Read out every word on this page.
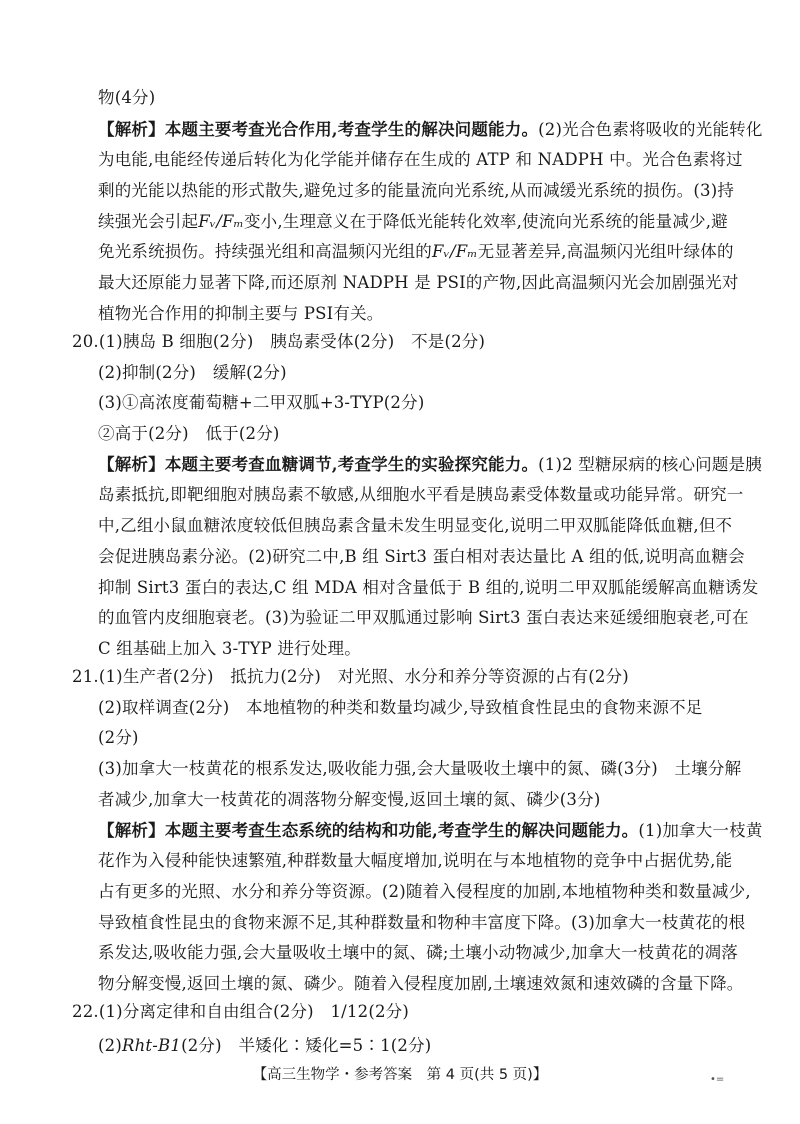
物(4分)
【解析】本题主要考查光合作用,考查学生的解决问题能力。(2)光合色素将吸收的光能转化
为电能,电能经传递后转化为化学能并储存在生成的 ATP 和 NADPH 中。光合色素将过
剩的光能以热能的形式散失,避免过多的能量流向光系统,从而减缓光系统的损伤。(3)持
续强光会引起Fᵥ/Fₘ变小,生理意义在于降低光能转化效率,使流向光系统的能量减少,避
免光系统损伤。持续强光组和高温频闪光组的Fᵥ/Fₘ无显著差异,高温频闪光组叶绿体的
最大还原能力显著下降,而还原剂 NADPH 是 PSⅠ的产物,因此高温频闪光会加剧强光对
植物光合作用的抑制主要与 PSⅠ有关。
20.(1)胰岛 B 细胞(2分)　胰岛素受体(2分)　不是(2分)
(2)抑制(2分)　缓解(2分)
(3)①高浓度葡萄糖+二甲双胍+3-TYP(2分)
②高于(2分)　低于(2分)
【解析】本题主要考查血糖调节,考查学生的实验探究能力。(1)2 型糖尿病的核心问题是胰
岛素抵抗,即靶细胞对胰岛素不敏感,从细胞水平看是胰岛素受体数量或功能异常。研究一
中,乙组小鼠血糖浓度较低但胰岛素含量未发生明显变化,说明二甲双胍能降低血糖,但不
会促进胰岛素分泌。(2)研究二中,B 组 Sirt3 蛋白相对表达量比 A 组的低,说明高血糖会
抑制 Sirt3 蛋白的表达,C 组 MDA 相对含量低于 B 组的,说明二甲双胍能缓解高血糖诱发
的血管内皮细胞衰老。(3)为验证二甲双胍通过影响 Sirt3 蛋白表达来延缓细胞衰老,可在
C 组基础上加入 3-TYP 进行处理。
21.(1)生产者(2分)　抵抗力(2分)　对光照、水分和养分等资源的占有(2分)
(2)取样调查(2分)　本地植物的种类和数量均减少,导致植食性昆虫的食物来源不足
(2分)
(3)加拿大一枝黄花的根系发达,吸收能力强,会大量吸收土壤中的氮、磷(3分)　土壤分解
者减少,加拿大一枝黄花的凋落物分解变慢,返回土壤的氮、磷少(3分)
【解析】本题主要考查生态系统的结构和功能,考查学生的解决问题能力。(1)加拿大一枝黄
花作为入侵种能快速繁殖,种群数量大幅度增加,说明在与本地植物的竞争中占据优势,能
占有更多的光照、水分和养分等资源。(2)随着入侵程度的加剧,本地植物种类和数量减少,
导致植食性昆虫的食物来源不足,其种群数量和物种丰富度下降。(3)加拿大一枝黄花的根
系发达,吸收能力强,会大量吸收土壤中的氮、磷;土壤小动物减少,加拿大一枝黄花的凋落
物分解变慢,返回土壤的氮、磷少。随着入侵程度加剧,土壤速效氮和速效磷的含量下降。
22.(1)分离定律和自由组合(2分)　1/12(2分)
(2)Rht-B1(2分)　半矮化∶矮化=5∶1(2分)
【高三生物学・参考答案　第 4 页(共 5 页)】	•=
